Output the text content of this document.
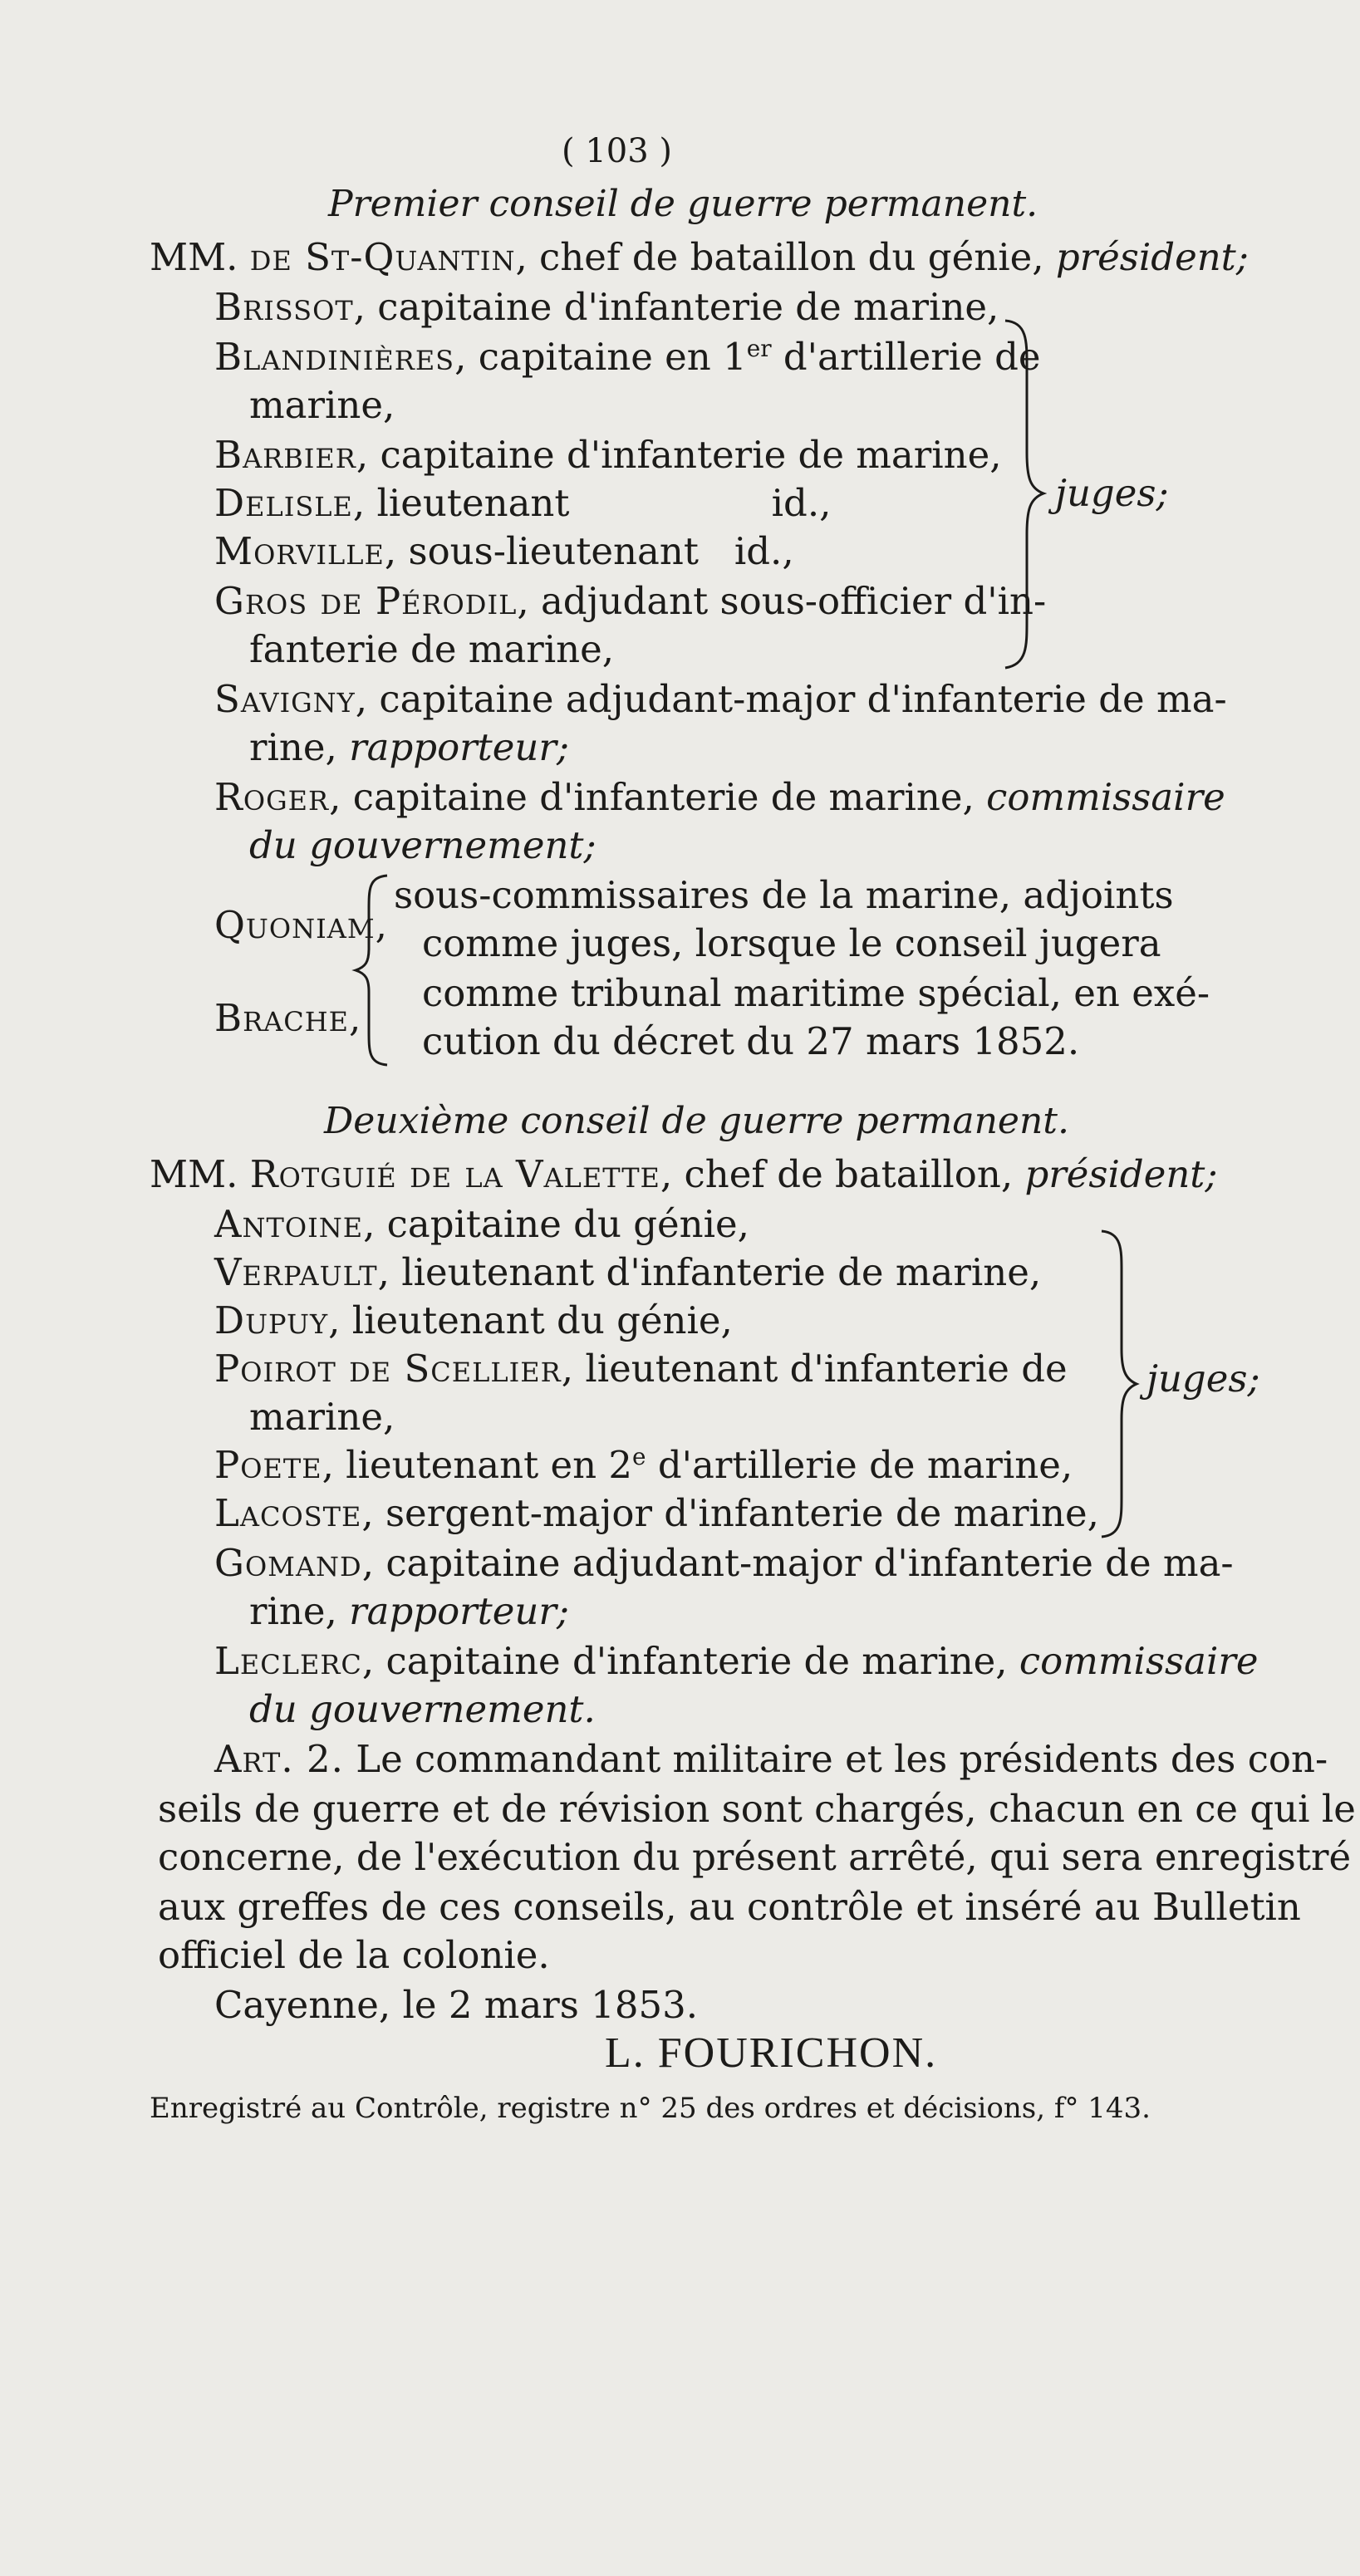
( 103 )
Premier conseil de guerre permanent.
MM. de St-Quantin, chef de bataillon du génie, président;
Brissot, capitaine d'infanterie de marine,
Blandinières, capitaine en 1er d'artillerie de
marine,
Barbier, capitaine d'infanterie de marine,
Delisle, lieutenant                 id.,
Morville, sous-lieutenant   id.,
Gros de Pérodil, adjudant sous-officier d'in-
fanterie de marine,
juges;
Savigny, capitaine adjudant-major d'infanterie de ma-
rine, rapporteur;
Roger, capitaine d'infanterie de marine, commissaire
du gouvernement;
Quoniam,
Brache,
sous-commissaires de la marine, adjoints
comme juges, lorsque le conseil jugera
comme tribunal maritime spécial, en exé-
cution du décret du 27 mars 1852.
Deuxième conseil de guerre permanent.
MM. Rotguié de la Valette, chef de bataillon, président;
Antoine, capitaine du génie,
Verpault, lieutenant d'infanterie de marine,
Dupuy, lieutenant du génie,
Poirot de Scellier, lieutenant d'infanterie de
marine,
Poete, lieutenant en 2e d'artillerie de marine,
Lacoste, sergent-major d'infanterie de marine,
juges;
Gomand, capitaine adjudant-major d'infanterie de ma-
rine, rapporteur;
Leclerc, capitaine d'infanterie de marine, commissaire
du gouvernement.
Art. 2. Le commandant militaire et les présidents des con-
seils de guerre et de révision sont chargés, chacun en ce qui le
concerne, de l'exécution du présent arrêté, qui sera enregistré
aux greffes de ces conseils, au contrôle et inséré au Bulletin
officiel de la colonie.
Cayenne, le 2 mars 1853.
L. FOURICHON.
Enregistré au Contrôle, registre n° 25 des ordres et décisions, f° 143.
